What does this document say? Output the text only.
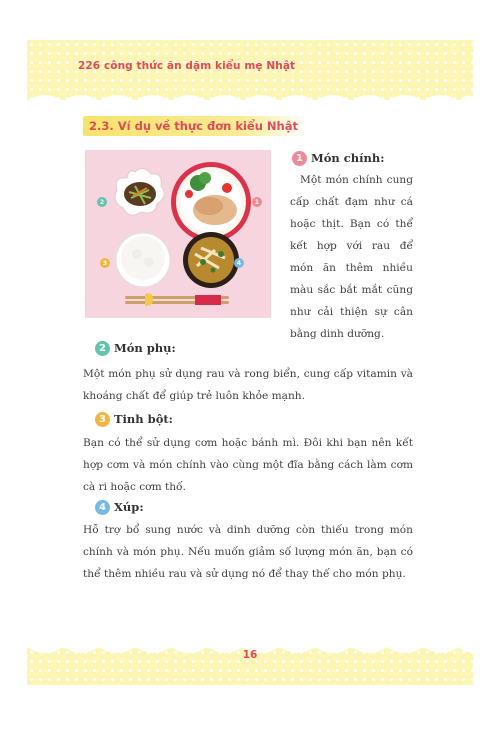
226 công thức ăn dặm kiểu mẹ Nhật
2.3. Ví dụ về thực đơn kiểu Nhật
1
2
3	4
1 Món chính:

Một món chính cung cấp chất đạm như cá hoặc thịt. Bạn có thể kết hợp với rau để món ăn thêm nhiều màu sắc bắt mắt cũng như cải thiện sự cân bằng dinh dưỡng.

2 Món phụ:

Một món phụ sử dụng rau và rong biển, cung cấp vitamin và khoáng chất để giúp trẻ luôn khỏe mạnh.

3 Tinh bột:

Bạn có thể sử dụng cơm hoặc bánh mì. Đôi khi bạn nên kết hợp cơm và món chính vào cùng một đĩa bằng cách làm cơm cà ri hoặc cơm thố.

4 Xúp:

Hỗ trợ bổ sung nước và dinh dưỡng còn thiếu trong món chính và món phụ. Nếu muốn giảm số lượng món ăn, bạn có thể thêm nhiều rau và sử dụng nó để thay thế cho món phụ.

16
